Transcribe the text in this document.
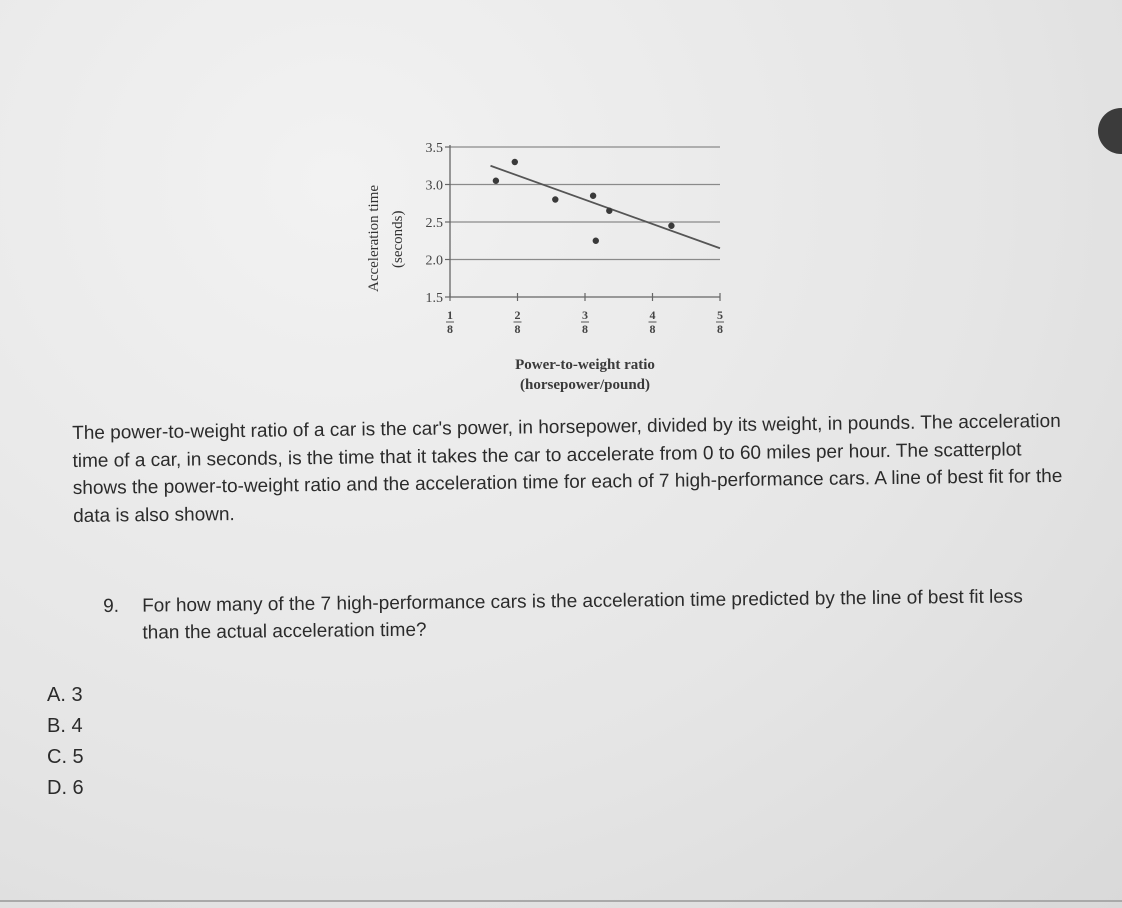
Acceleration time (seconds)
1.5
2.0
2.5
3.0
3.5
1
8
2
8
3
8
4
8
5
8
Power-to-weight ratio
(horsepower/pound)
The power-to-weight ratio of a car is the car's power, in horsepower, divided by its weight, in pounds. The acceleration time of a car, in seconds, is the time that it takes the car to accelerate from 0 to 60 miles per hour. The scatterplot shows the power-to-weight ratio and the acceleration time for each of 7 high-performance cars. A line of best fit for the data is also shown.
9. For how many of the 7 high-performance cars is the acceleration time predicted by the line of best fit less than the actual acceleration time?
A. 3
B. 4
C. 5
D. 6
